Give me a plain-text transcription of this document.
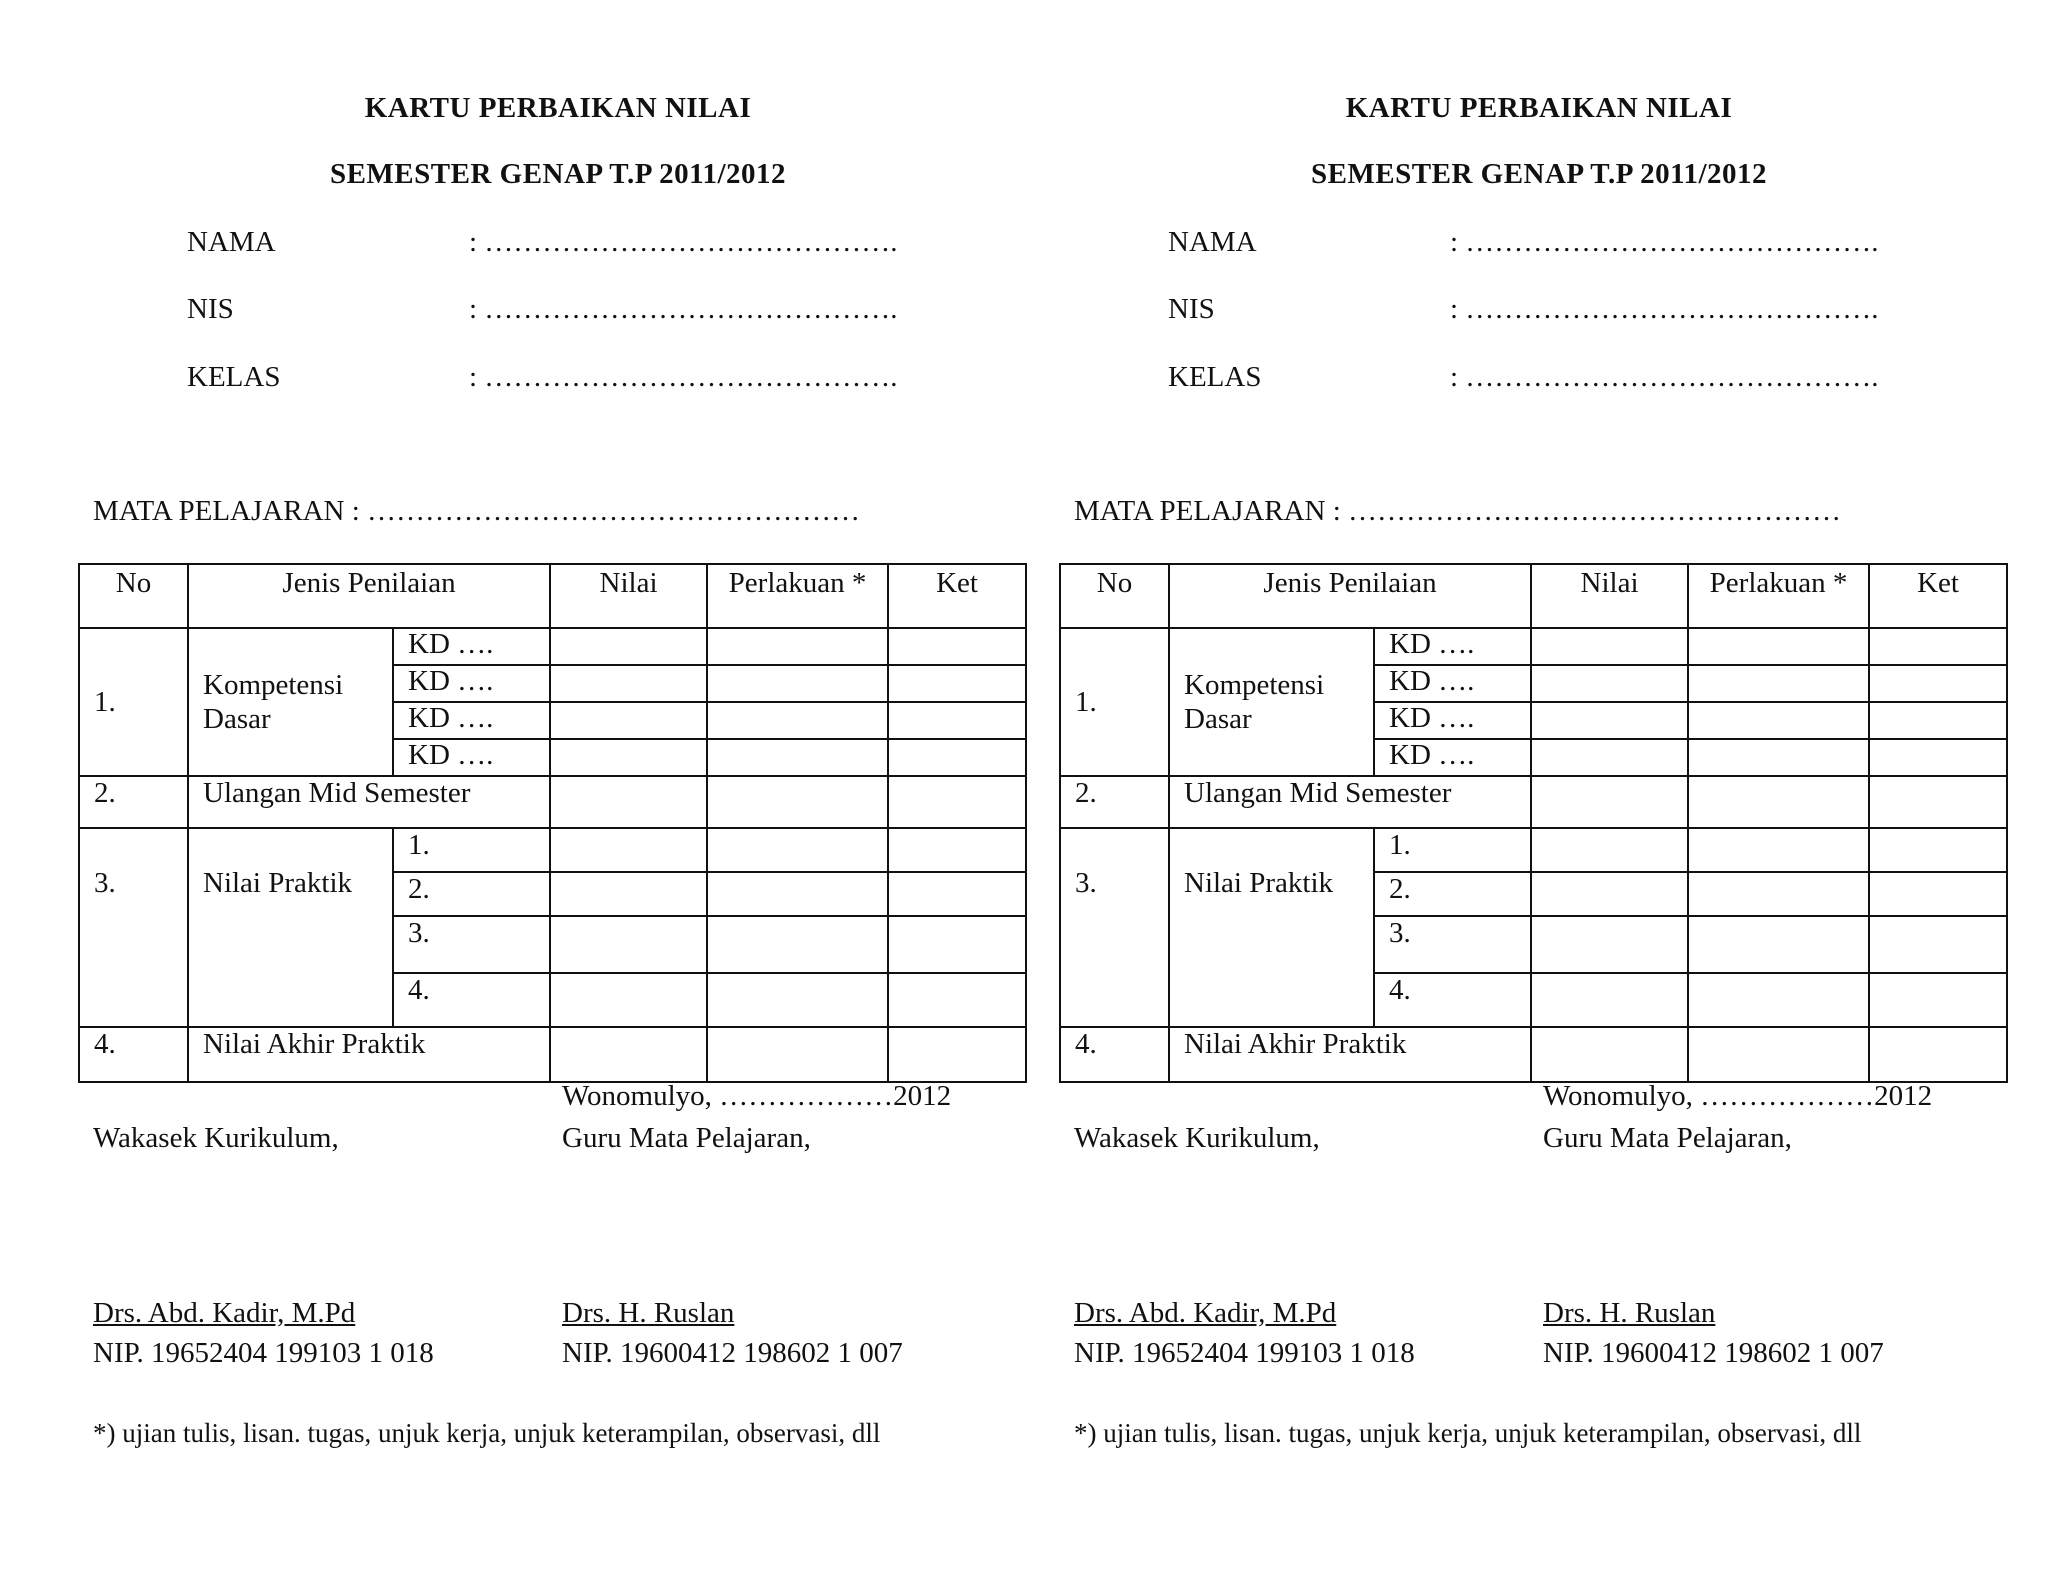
KARTU PERBAIKAN NILAI
SEMESTER GENAP T.P 2011/2012
NAMA	: …………………………………….
NIS	: …………………………………….
KELAS	: …………………………………….
MATA PELAJARAN : ……………………………………………
No	Jenis Penilaian		Nilai	Perlakuan *	Ket
1.	Kompetensi Dasar	KD ….			
		KD ….			
		KD ….			
		KD ….			
2.	Ulangan Mid Semester				
3.	Nilai Praktik	1.			
		2.			
		3.			
		4.			
4.	Nilai Akhir Praktik				
Wonomulyo, ………………2012
Wakasek Kurikulum,	Guru Mata Pelajaran,
Drs. Abd. Kadir, M.Pd
NIP. 19652404 199103 1 018
Drs. H. Ruslan
NIP. 19600412 198602 1 007
*) ujian tulis, lisan. tugas, unjuk kerja, unjuk keterampilan, observasi, dll
KARTU PERBAIKAN NILAI
SEMESTER GENAP T.P 2011/2012
NAMA	: …………………………………….
NIS	: …………………………………….
KELAS	: …………………………………….
MATA PELAJARAN : ……………………………………………
No	Jenis Penilaian		Nilai	Perlakuan *	Ket
1.	Kompetensi Dasar	KD ….			
		KD ….			
		KD ….			
		KD ….			
2.	Ulangan Mid Semester				
3.	Nilai Praktik	1.			
		2.			
		3.			
		4.			
4.	Nilai Akhir Praktik				
Wonomulyo, ………………2012
Wakasek Kurikulum,	Guru Mata Pelajaran,
Drs. Abd. Kadir, M.Pd
NIP. 19652404 199103 1 018
Drs. H. Ruslan
NIP. 19600412 198602 1 007
*) ujian tulis, lisan. tugas, unjuk kerja, unjuk keterampilan, observasi, dll
